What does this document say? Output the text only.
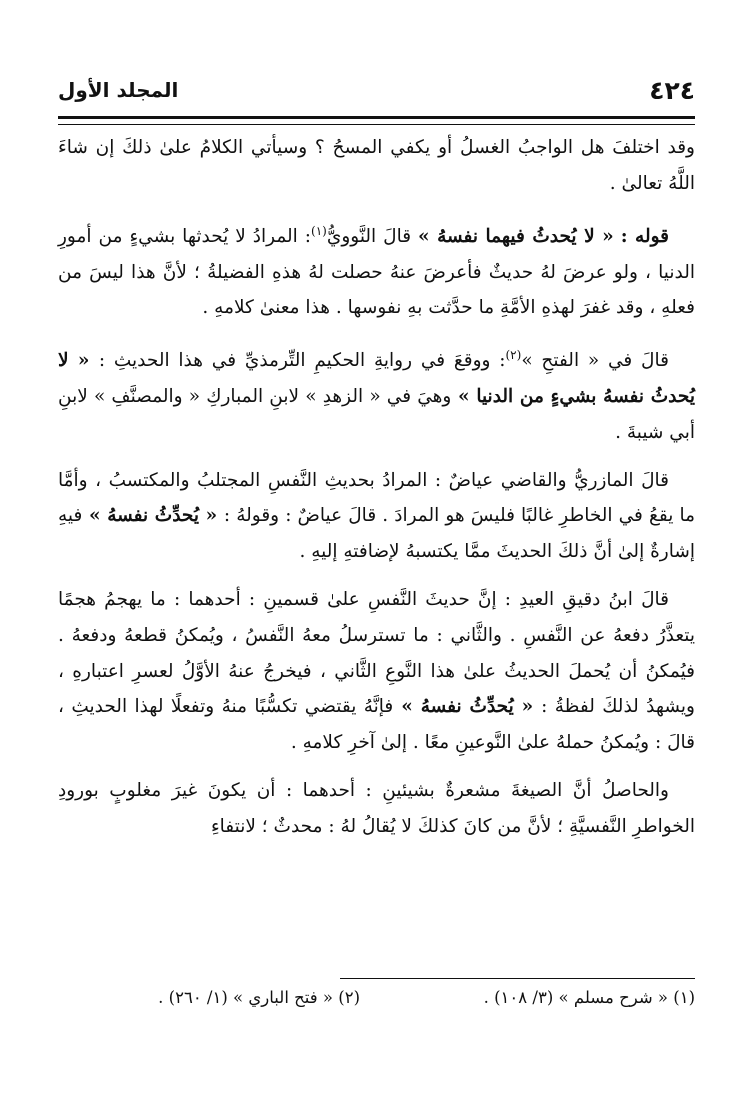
٤٢٤
المجلد الأول

وقد اختلفَ هل الواجبُ الغسلُ أو يكفي المسحُ ؟ وسيأتي الكلامُ علىٰ ذلكَ إن شاءَ اللَّهُ تعالىٰ .

قوله : « لا يُحدثُ فيهما نفسهُ » قالَ النَّوويُّ$^{(١)}$: المرادُ لا يُحدثها بشيءٍ من أمورِ الدنيا ، ولو عرضَ لهُ حديثٌ فأعرضَ عنهُ حصلت لهُ هذهِ الفضيلةُ ؛ لأنَّ هذا ليسَ من فعلهِ ، وقد غفرَ لهذهِ الأمَّةِ ما حدَّثت بهِ نفوسها . هذا معنىٰ كلامهِ .

قالَ في « الفتحِ »$^{(٢)}$: ووقعَ في روايةِ الحكيمِ التِّرمذيِّ في هذا الحديثِ : « لا يُحدثُ نفسهُ بشيءٍ من الدنيا » وهيَ في « الزهدِ » لابنِ المباركِ « والمصنَّفِ » لابنِ أبي شيبةَ .

قالَ المازريُّ والقاضي عياضٌ : المرادُ بحديثِ النَّفسِ المجتلبُ والمكتسبُ ، وأمَّا ما يقعُ في الخاطرِ غالبًا فليسَ هو المرادَ . قالَ عياضٌ : وقولهُ : « يُحدِّثُ نفسهُ » فيهِ إشارةٌ إلىٰ أنَّ ذلكَ الحديثَ ممَّا يكتسبهُ لإضافتهِ إليهِ .

قالَ ابنُ دقيقِ العيدِ : إنَّ حديثَ النَّفسِ علىٰ قسمينِ : أحدهما : ما يهجمُ هجمًا يتعذَّرُ دفعهُ عن النَّفسِ . والثَّاني : ما تسترسلُ معهُ النَّفسُ ، ويُمكنُ قطعهُ ودفعهُ . فيُمكنُ أن يُحملَ الحديثُ علىٰ هذا النَّوعِ الثَّاني ، فيخرجُ عنهُ الأوَّلُ لعسرِ اعتبارهِ ، ويشهدُ لذلكَ لفظةُ : « يُحدِّثُ نفسهُ » فإنَّهُ يقتضي تكسُّبًا منهُ وتفعلًا لهذا الحديثِ ، قالَ : ويُمكنُ حملهُ علىٰ النَّوعينِ معًا . إلىٰ آخرِ كلامهِ .

والحاصلُ أنَّ الصيغةَ مشعرةٌ بشيئينِ : أحدهما : أن يكونَ غيرَ مغلوبٍ بورودِ الخواطرِ النَّفسيَّةِ ؛ لأنَّ من كانَ كذلكَ لا يُقالُ لهُ : محدثٌ ؛ لانتفاءِ

(١) « شرح مسلم » (٣/ ١٠٨) .
(٢) « فتح الباري » (١/ ٢٦٠) .
